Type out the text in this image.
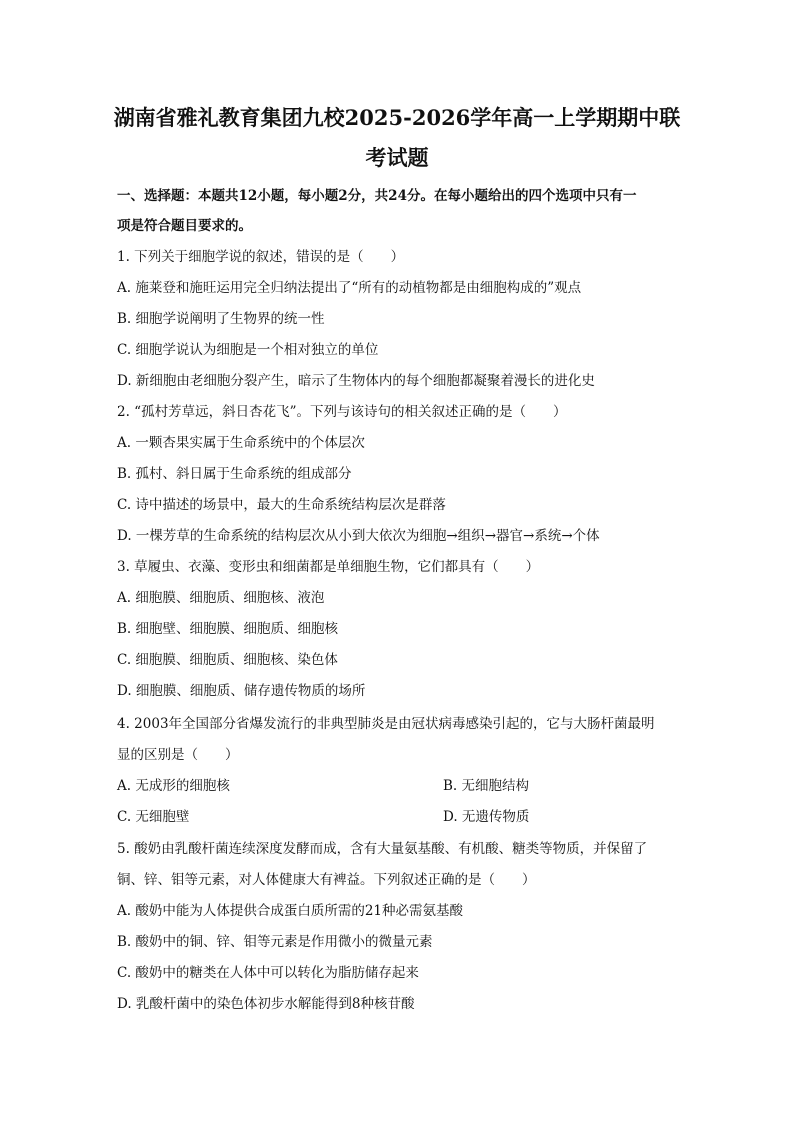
湖南省雅礼教育集团九校2025-2026学年高一上学期期中联
考试题
一、选择题：本题共12小题，每小题2分，共24分。在每小题给出的四个选项中只有一
项是符合题目要求的。
1. 下列关于细胞学说的叙述，错误的是（　　）
A. 施莱登和施旺运用完全归纳法提出了“所有的动植物都是由细胞构成的”观点
B. 细胞学说阐明了生物界的统一性
C. 细胞学说认为细胞是一个相对独立的单位
D. 新细胞由老细胞分裂产生，暗示了生物体内的每个细胞都凝聚着漫长的进化史
2. “孤村芳草远，斜日杏花飞”。下列与该诗句的相关叙述正确的是（　　）
A. 一颗杏果实属于生命系统中的个体层次
B. 孤村、斜日属于生命系统的组成部分
C. 诗中描述的场景中，最大的生命系统结构层次是群落
D. 一棵芳草的生命系统的结构层次从小到大依次为细胞→组织→器官→系统→个体
3. 草履虫、衣藻、变形虫和细菌都是单细胞生物，它们都具有（　　）
A. 细胞膜、细胞质、细胞核、液泡
B. 细胞壁、细胞膜、细胞质、细胞核
C. 细胞膜、细胞质、细胞核、染色体
D. 细胞膜、细胞质、储存遗传物质的场所
4. 2003年全国部分省爆发流行的非典型肺炎是由冠状病毒感染引起的，它与大肠杆菌最明
显的区别是（　　）
A. 无成形的细胞核	B. 无细胞结构
C. 无细胞壁	D. 无遗传物质
5. 酸奶由乳酸杆菌连续深度发酵而成，含有大量氨基酸、有机酸、糖类等物质，并保留了
铜、锌、钼等元素，对人体健康大有裨益。下列叙述正确的是（　　）
A. 酸奶中能为人体提供合成蛋白质所需的21种必需氨基酸
B. 酸奶中的铜、锌、钼等元素是作用微小的微量元素
C. 酸奶中的糖类在人体中可以转化为脂肪储存起来
D. 乳酸杆菌中的染色体初步水解能得到8种核苷酸
